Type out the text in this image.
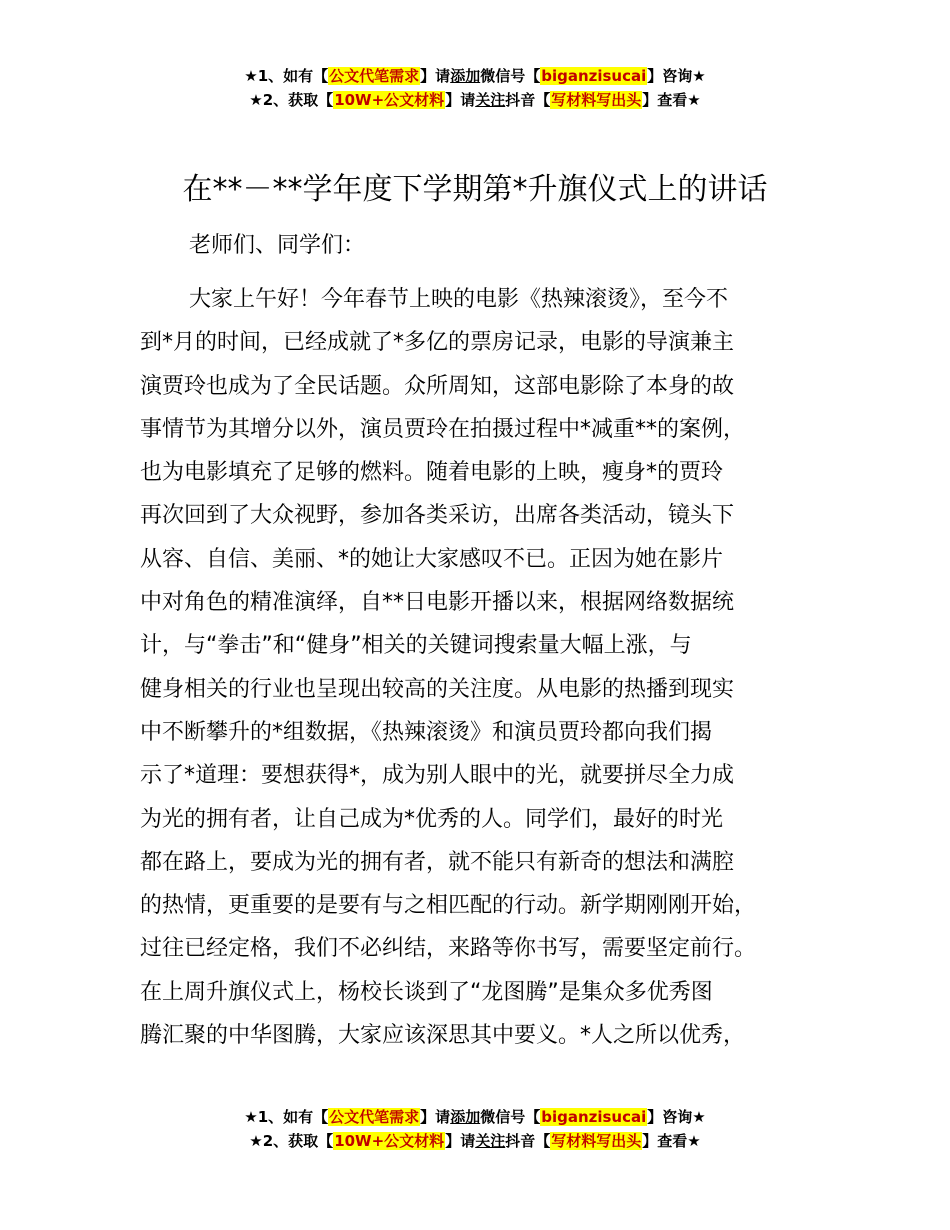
★1、如有【公文代笔需求】请添加微信号【biganzisucai】咨询★
★2、获取【10W+公文材料】请关注抖音【写材料写出头】查看★
在**－**学年度下学期第*升旗仪式上的讲话
老师们、同学们：
大家上午好！今年春节上映的电影《热辣滚烫》，至今不
到*月的时间，已经成就了*多亿的票房记录，电影的导演兼主
演贾玲也成为了全民话题。众所周知，这部电影除了本身的故
事情节为其增分以外，演员贾玲在拍摄过程中*减重**的案例，
也为电影填充了足够的燃料。随着电影的上映，瘦身*的贾玲
再次回到了大众视野，参加各类采访，出席各类活动，镜头下
从容、自信、美丽、*的她让大家感叹不已。正因为她在影片
中对角色的精准演绎，自**日电影开播以来，根据网络数据统
计，与“拳击”和“健身”相关的关键词搜索量大幅上涨，与
健身相关的行业也呈现出较高的关注度。从电影的热播到现实
中不断攀升的*组数据，《热辣滚烫》和演员贾玲都向我们揭
示了*道理：要想获得*，成为别人眼中的光，就要拼尽全力成
为光的拥有者，让自己成为*优秀的人。同学们，最好的时光
都在路上，要成为光的拥有者，就不能只有新奇的想法和满腔
的热情，更重要的是要有与之相匹配的行动。新学期刚刚开始，
过往已经定格，我们不必纠结，来路等你书写，需要坚定前行。
在上周升旗仪式上，杨校长谈到了“龙图腾”是集众多优秀图
腾汇聚的中华图腾，大家应该深思其中要义。*人之所以优秀，
★1、如有【公文代笔需求】请添加微信号【biganzisucai】咨询★
★2、获取【10W+公文材料】请关注抖音【写材料写出头】查看★
